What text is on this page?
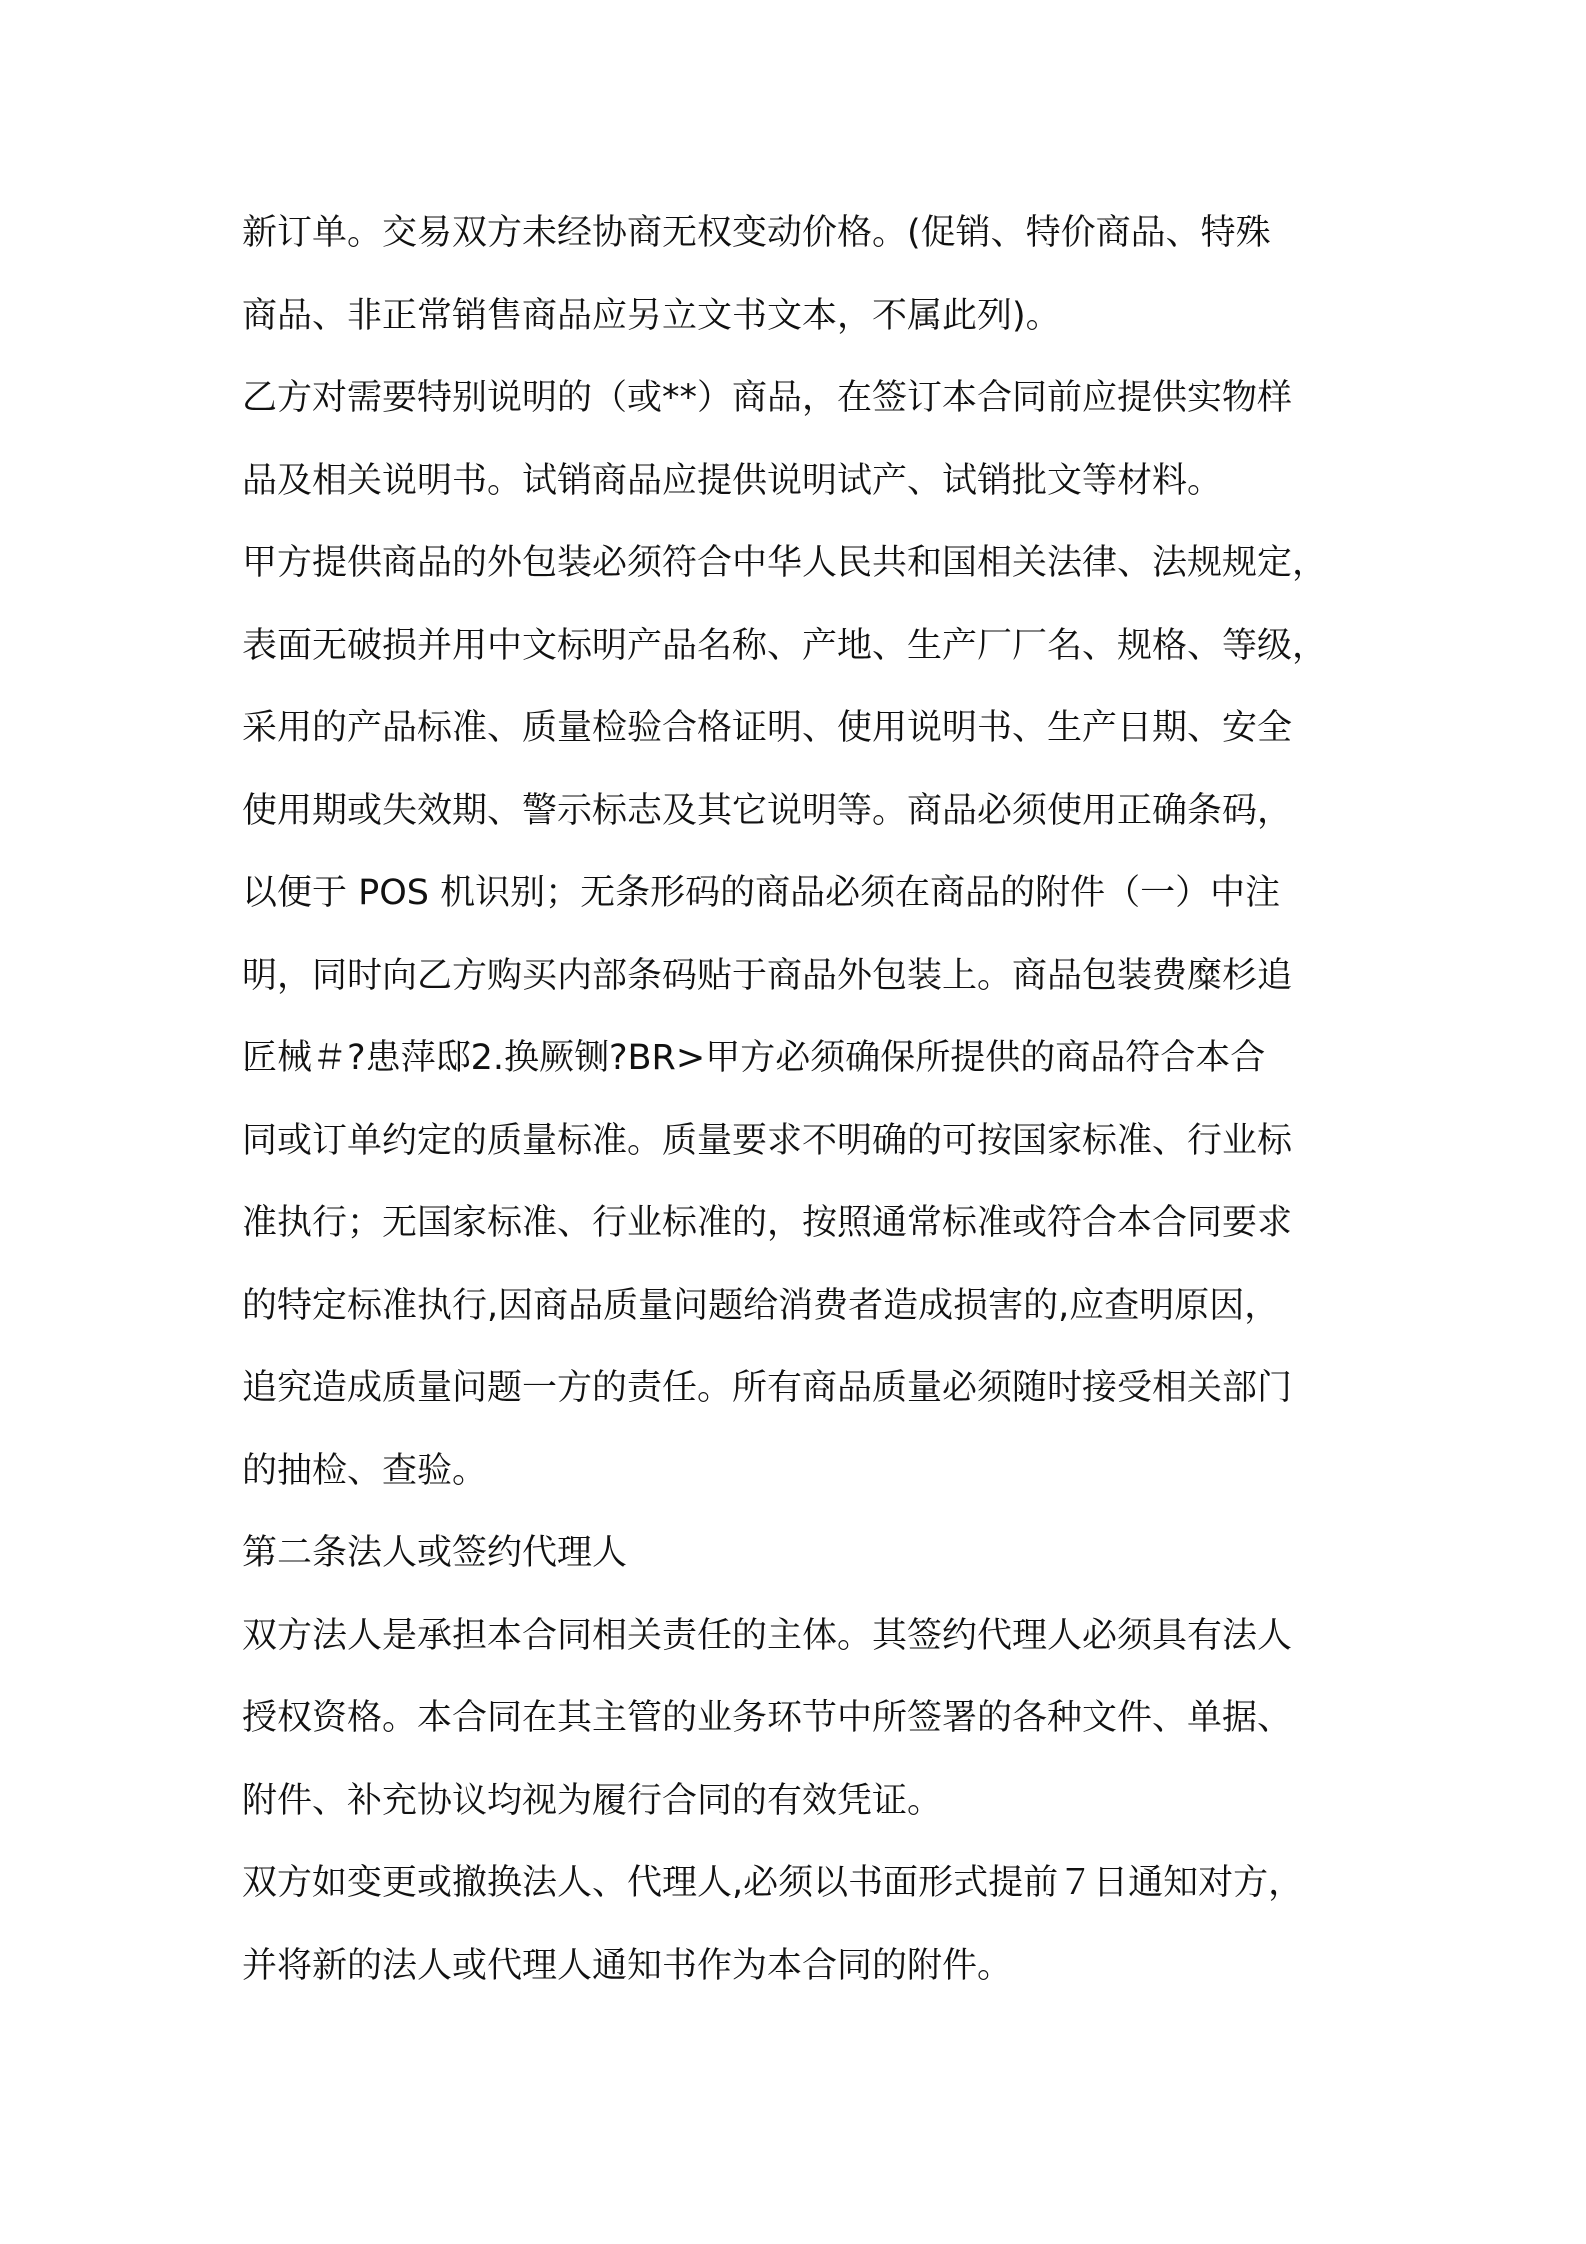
新订单。交易双方未经协商无权变动价格。(促销、特价商品、特殊
商品、非正常销售商品应另立文书文本，不属此列)。
乙方对需要特别说明的（或**）商品，在签订本合同前应提供实物样
品及相关说明书。试销商品应提供说明试产、试销批文等材料。
甲方提供商品的外包装必须符合中华人民共和国相关法律、法规规定，
表面无破损并用中文标明产品名称、产地、生产厂厂名、规格、等级，
采用的产品标准、质量检验合格证明、使用说明书、生产日期、安全
使用期或失效期、警示标志及其它说明等。商品必须使用正确条码，
以便于 POS 机识别；无条形码的商品必须在商品的附件（一）中注
明，同时向乙方购买内部条码贴于商品外包装上。商品包装费糜杉追
匠械＃?患萍邸2.换厥铡?BR>甲方必须确保所提供的商品符合本合
同或订单约定的质量标准。质量要求不明确的可按国家标准、行业标
准执行；无国家标准、行业标准的，按照通常标准或符合本合同要求
的特定标准执行,因商品质量问题给消费者造成损害的,应查明原因，
追究造成质量问题一方的责任。所有商品质量必须随时接受相关部门
的抽检、查验。
第二条法人或签约代理人
双方法人是承担本合同相关责任的主体。其签约代理人必须具有法人
授权资格。本合同在其主管的业务环节中所签署的各种文件、单据、
附件、补充协议均视为履行合同的有效凭证。
双方如变更或撤换法人、代理人,必须以书面形式提前７日通知对方，
并将新的法人或代理人通知书作为本合同的附件。
